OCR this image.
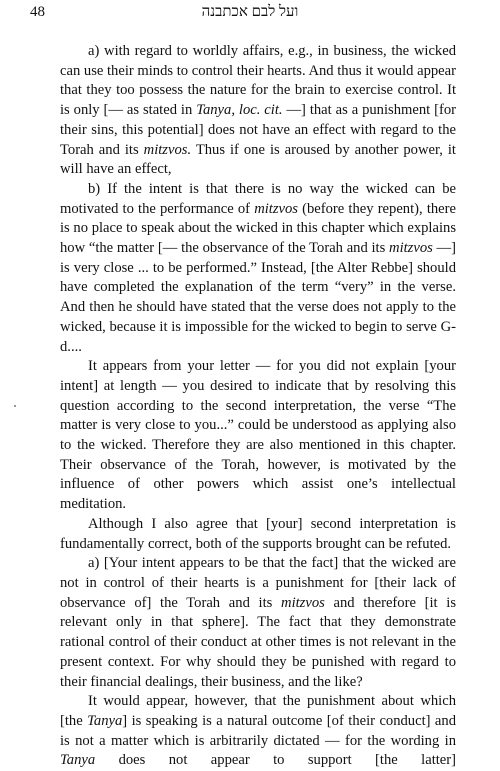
48	ועל לבם אכתבנה

a) with regard to worldly affairs, e.g., in business, the wicked can use their minds to control their hearts. And thus it would appear that they too possess the nature for the brain to exercise control. It is only [— as stated in Tanya, loc. cit. —] that as a punishment [for their sins, this potential] does not have an effect with regard to the Torah and its mitzvos. Thus if one is aroused by another power, it will have an effect,

b) If the intent is that there is no way the wicked can be motivated to the performance of mitzvos (before they repent), there is no place to speak about the wicked in this chapter which explains how “the matter [— the observance of the Torah and its mitzvos —] is very close ... to be performed.” Instead, [the Alter Rebbe] should have completed the explanation of the term “very” in the verse. And then he should have stated that the verse does not apply to the wicked, because it is impossible for the wicked to begin to serve G-d....

It appears from your letter — for you did not explain [your intent] at length — you desired to indicate that by resolving this question according to the second interpretation, the verse “The matter is very close to you...” could be understood as applying also to the wicked. Therefore they are also mentioned in this chapter. Their observance of the Torah, however, is motivated by the influence of other powers which assist one’s intellectual meditation.

Although I also agree that [your] second interpretation is fundamentally correct, both of the supports brought can be refuted.

a) [Your intent appears to be that the fact] that the wicked are not in control of their hearts is a punishment for [their lack of observance of] the Torah and its mitzvos and therefore [it is relevant only in that sphere]. The fact that they demonstrate rational control of their conduct at other times is not relevant in the present context. For why should they be punished with regard to their financial dealings, their business, and the like?

It would appear, however, that the punishment about which [the Tanya] is speaking is a natural outcome [of their conduct] and is not a matter which is arbitrarily dictated — for the wording in Tanya does not appear to support [the latter]
